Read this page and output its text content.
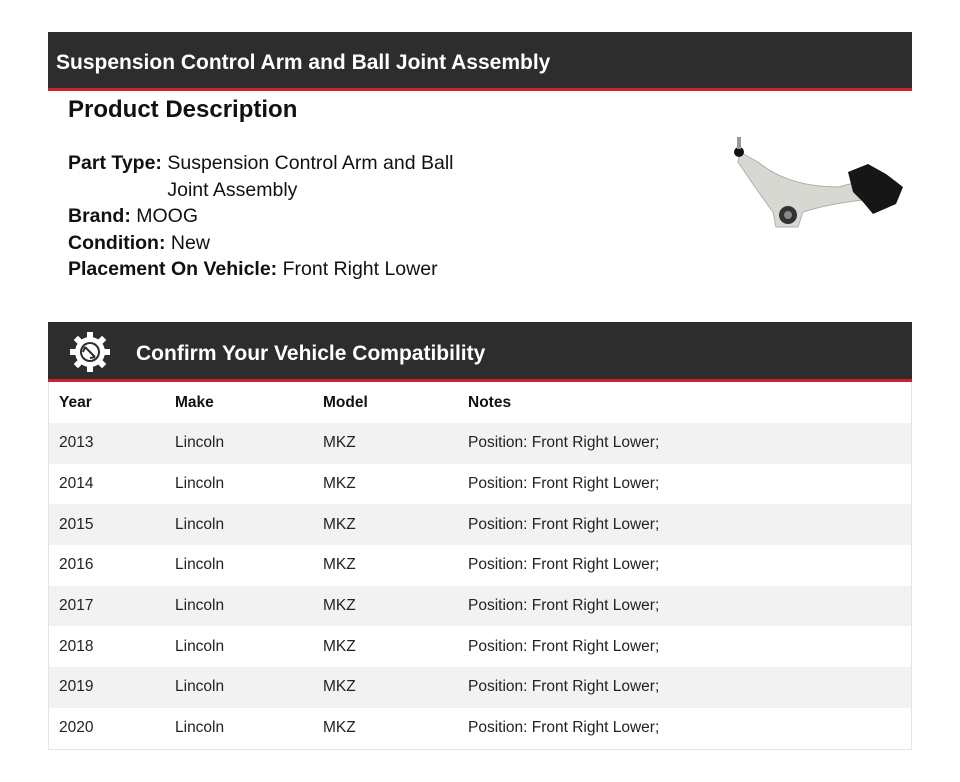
Suspension Control Arm and Ball Joint Assembly
Product Description
Part Type: Suspension Control Arm and Ball Joint Assembly
Brand: MOOG
Condition: New
Placement On Vehicle: Front Right Lower
Confirm Your Vehicle Compatibility
Year	Make	Model	Notes
2013	Lincoln	MKZ	Position: Front Right Lower;
2014	Lincoln	MKZ	Position: Front Right Lower;
2015	Lincoln	MKZ	Position: Front Right Lower;
2016	Lincoln	MKZ	Position: Front Right Lower;
2017	Lincoln	MKZ	Position: Front Right Lower;
2018	Lincoln	MKZ	Position: Front Right Lower;
2019	Lincoln	MKZ	Position: Front Right Lower;
2020	Lincoln	MKZ	Position: Front Right Lower;
